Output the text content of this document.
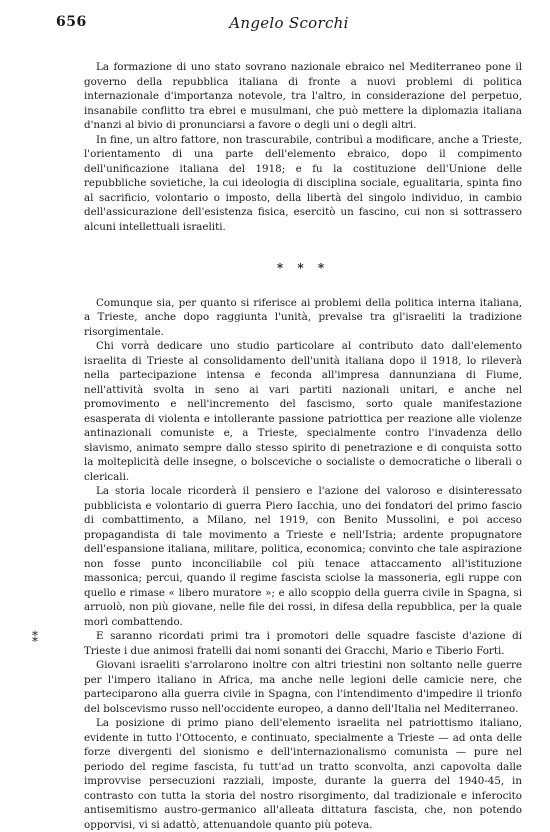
656	Angelo Scorchi

La formazione di uno stato sovrano nazionale ebraico nel Mediterraneo pone il governo della repubblica italiana di fronte a nuovi problemi di politica internazionale d'importanza notevole, tra l'altro, in considerazione del perpetuo, insanabile conflitto tra ebrei e musulmani, che può mettere la diplomazia italiana d'nanzi al bivio di pronunciarsi a favore o degli uni o degli altri.

In fine, un altro fattore, non trascurabile, contribuì a modificare, anche a Trieste, l'orientamento di una parte dell'elemento ebraico, dopo il compimento dell'unificazione italiana del 1918; e fu la costituzione dell'Unione delle repubbliche sovietiche, la cui ideologia di disciplina sociale, egualitaria, spinta fino al sacrificio, volontario o imposto, della libertà del singolo individuo, in cambio dell'assicurazione dell'esistenza fisica, esercitò un fascino, cui non si sottrassero alcuni intellettuali israeliti.

* * *

Comunque sia, per quanto si riferisce ai problemi della politica interna italiana, a Trieste, anche dopo raggiunta l'unità, prevalse tra gl'israeliti la tradizione risorgimentale.

Chi vorrà dedicare uno studio particolare al contributo dato dall'elemento israelita di Trieste al consolidamento dell'unità italiana dopo il 1918, lo rileverà nella partecipazione intensa e feconda all'impresa dannunziana di Fiume, nell'attività svolta in seno ai vari partiti nazionali unitari, e anche nel promovimento e nell'incremento del fascismo, sorto quale manifestazione esasperata di violenta e intollerante passione patriottica per reazione alle violenze antinazionali comuniste e, a Trieste, specialmente contro l'invadenza dello slavismo, animato sempre dallo stesso spirito di penetrazione e di conquista sotto la molteplicità delle insegne, o bolsceviche o socialiste o democratiche o liberali o clericali.

La storia locale ricorderà il pensiero e l'azione del valoroso e disinteressato pubblicista e volontario di guerra Piero Iacchia, uno dei fondatori del primo fascio di combattimento, a Milano, nel 1919, con Benito Mussolini, e poi acceso propagandista di tale movimento a Trieste e nell'Istria; ardente propugnatore dell'espansione italiana, militare, politica, economica; convinto che tale aspirazione non fosse punto inconciliabile col più tenace attaccamento all'istituzione massonica; percui, quando il regime fascista sciolse la massoneria, egli ruppe con quello e rimase « libero muratore »; e allo scoppio della guerra civile in Spagna, si arruolò, non più giovane, nelle file dei rossi, in difesa della repubblica, per la quale morì combattendo.

E saranno ricordati primi tra i promotori delle squadre fasciste d'azione di Trieste i due animosi fratelli dai nomi sonanti dei Gracchi, Mario e Tiberio Forti.

Giovani israeliti s'arrolarono inoltre con altri triestini non soltanto nelle guerre per l'impero italiano in Africa, ma anche nelle legioni delle camicie nere, che parteciparono alla guerra civile in Spagna, con l'intendimento d'impedire il trionfo del bolscevismo russo nell'occidente europeo, a danno dell'Italia nel Mediterraneo.

La posizione di primo piano dell'elemento israelita nel patriottismo italiano, evidente in tutto l'Ottocento, e continuato, specialmente a Trieste — ad onta delle forze divergenti del sionismo e dell'internazionalismo comunista — pure nel periodo del regime fascista, fu tutt'ad un tratto sconvolta, anzi capovolta dalle improvvise persecuzioni razziali, imposte, durante la guerra del 1940-45, in contrasto con tutta la storia del nostro risorgimento, dal tradizionale e inferocito antisemitismo austro-germanico all'alleata dittatura fascista, che, non potendo opporvisi, vi si adattò, attenuandole quanto più poteva.

⁑
